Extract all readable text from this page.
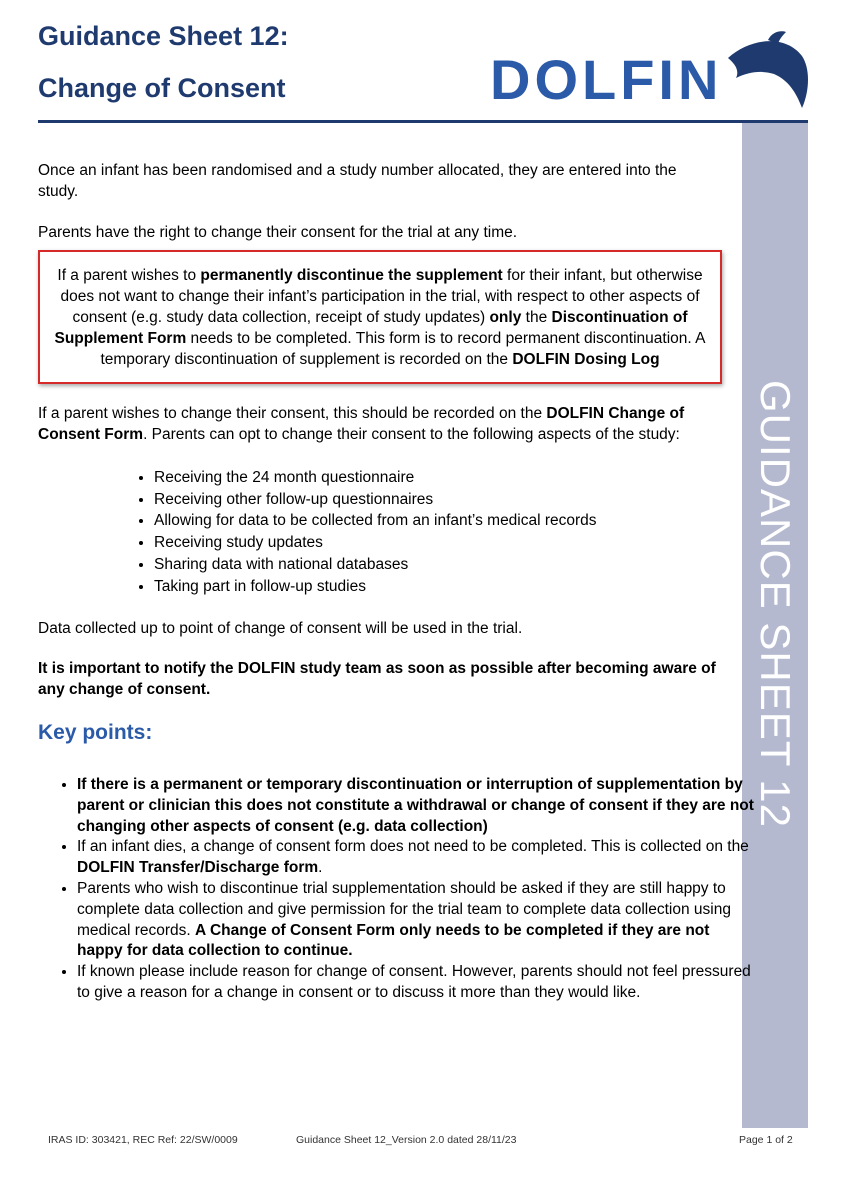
Guidance Sheet 12:
Change of Consent	DOLFIN
GUIDANCE SHEET 12

Once an infant has been randomised and a study number allocated, they are entered into the study.

Parents have the right to change their consent for the trial at any time.

If a parent wishes to permanently discontinue the supplement for their infant, but otherwise does not want to change their infant’s participation in the trial, with respect to other aspects of consent (e.g. study data collection, receipt of study updates) only the Discontinuation of Supplement Form needs to be completed. This form is to record permanent discontinuation. A temporary discontinuation of supplement is recorded on the DOLFIN Dosing Log

If a parent wishes to change their consent, this should be recorded on the DOLFIN Change of Consent Form. Parents can opt to change their consent to the following aspects of the study:

• Receiving the 24 month questionnaire
• Receiving other follow-up questionnaires
• Allowing for data to be collected from an infant’s medical records
• Receiving study updates
• Sharing data with national databases
• Taking part in follow-up studies

Data collected up to point of change of consent will be used in the trial.

It is important to notify the DOLFIN study team as soon as possible after becoming aware of any change of consent.

Key points:
• If there is a permanent or temporary discontinuation or interruption of supplementation by parent or clinician this does not constitute a withdrawal or change of consent if they are not changing other aspects of consent (e.g. data collection)
• If an infant dies, a change of consent form does not need to be completed. This is collected on the DOLFIN Transfer/Discharge form.
• Parents who wish to discontinue trial supplementation should be asked if they are still happy to complete data collection and give permission for the trial team to complete data collection using medical records. A Change of Consent Form only needs to be completed if they are not happy for data collection to continue.
• If known please include reason for change of consent. However, parents should not feel pressured to give a reason for a change in consent or to discuss it more than they would like.
IRAS ID: 303421, REC Ref: 22/SW/0009	Guidance Sheet 12_Version 2.0 dated 28/11/23	Page 1 of 2
